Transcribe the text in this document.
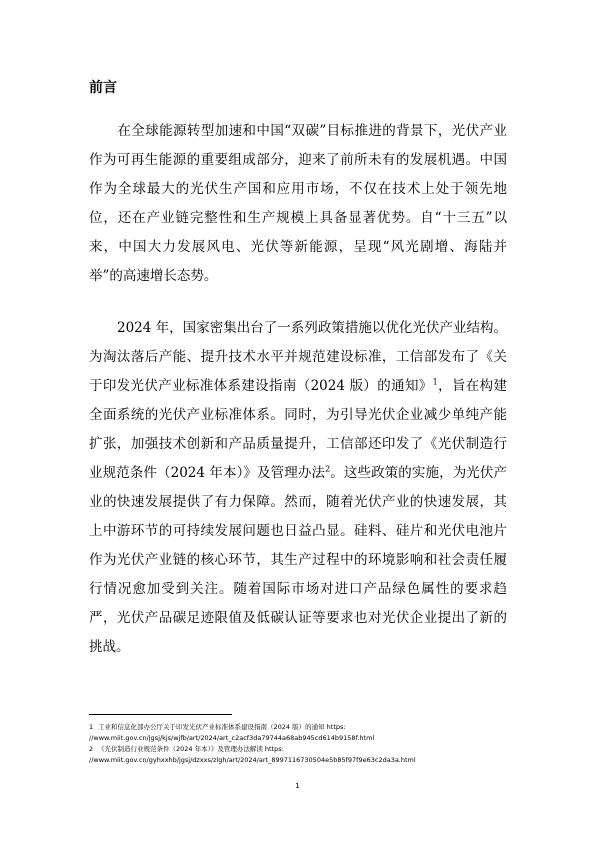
前言

在全球能源转型加速和中国“双碳”目标推进的背景下，光伏产业作为可再生能源的重要组成部分，迎来了前所未有的发展机遇。中国作为全球最大的光伏生产国和应用市场，不仅在技术上处于领先地位，还在产业链完整性和生产规模上具备显著优势。自“十三五”以来，中国大力发展风电、光伏等新能源，呈现“风光剧增、海陆并举”的高速增长态势。

2024 年，国家密集出台了一系列政策措施以优化光伏产业结构。为淘汰落后产能、提升技术水平并规范建设标准，工信部发布了《关于印发光伏产业标准体系建设指南（2024 版）的通知》$^1$，旨在构建全面系统的光伏产业标准体系。同时，为引导光伏企业减少单纯产能扩张，加强技术创新和产品质量提升，工信部还印发了《光伏制造行业规范条件（2024 年本）》及管理办法$^2$。这些政策的实施，为光伏产业的快速发展提供了有力保障。然而，随着光伏产业的快速发展，其上中游环节的可持续发展问题也日益凸显。硅料、硅片和光伏电池片作为光伏产业链的核心环节，其生产过程中的环境影响和社会责任履行情况愈加受到关注。随着国际市场对进口产品绿色属性的要求趋严，光伏产品碳足迹限值及低碳认证等要求也对光伏企业提出了新的挑战。

1 工业和信息化部办公厅关于印发光伏产业标准体系建设指南（2024 版）的通知 https:
//www.miit.gov.cn/jgsj/kjs/wjfb/art/2024/art_c2acf3da79744a68ab945cd614b9158f.html
2 《光伏制造行业规范条件（2024 年本）》及管理办法解读 https:
//www.miit.gov.cn/gyhxxhb/jgsj/dzxxs/zlgh/art/2024/art_8997116730504e5b85f97f9e63c2da3a.html
1
